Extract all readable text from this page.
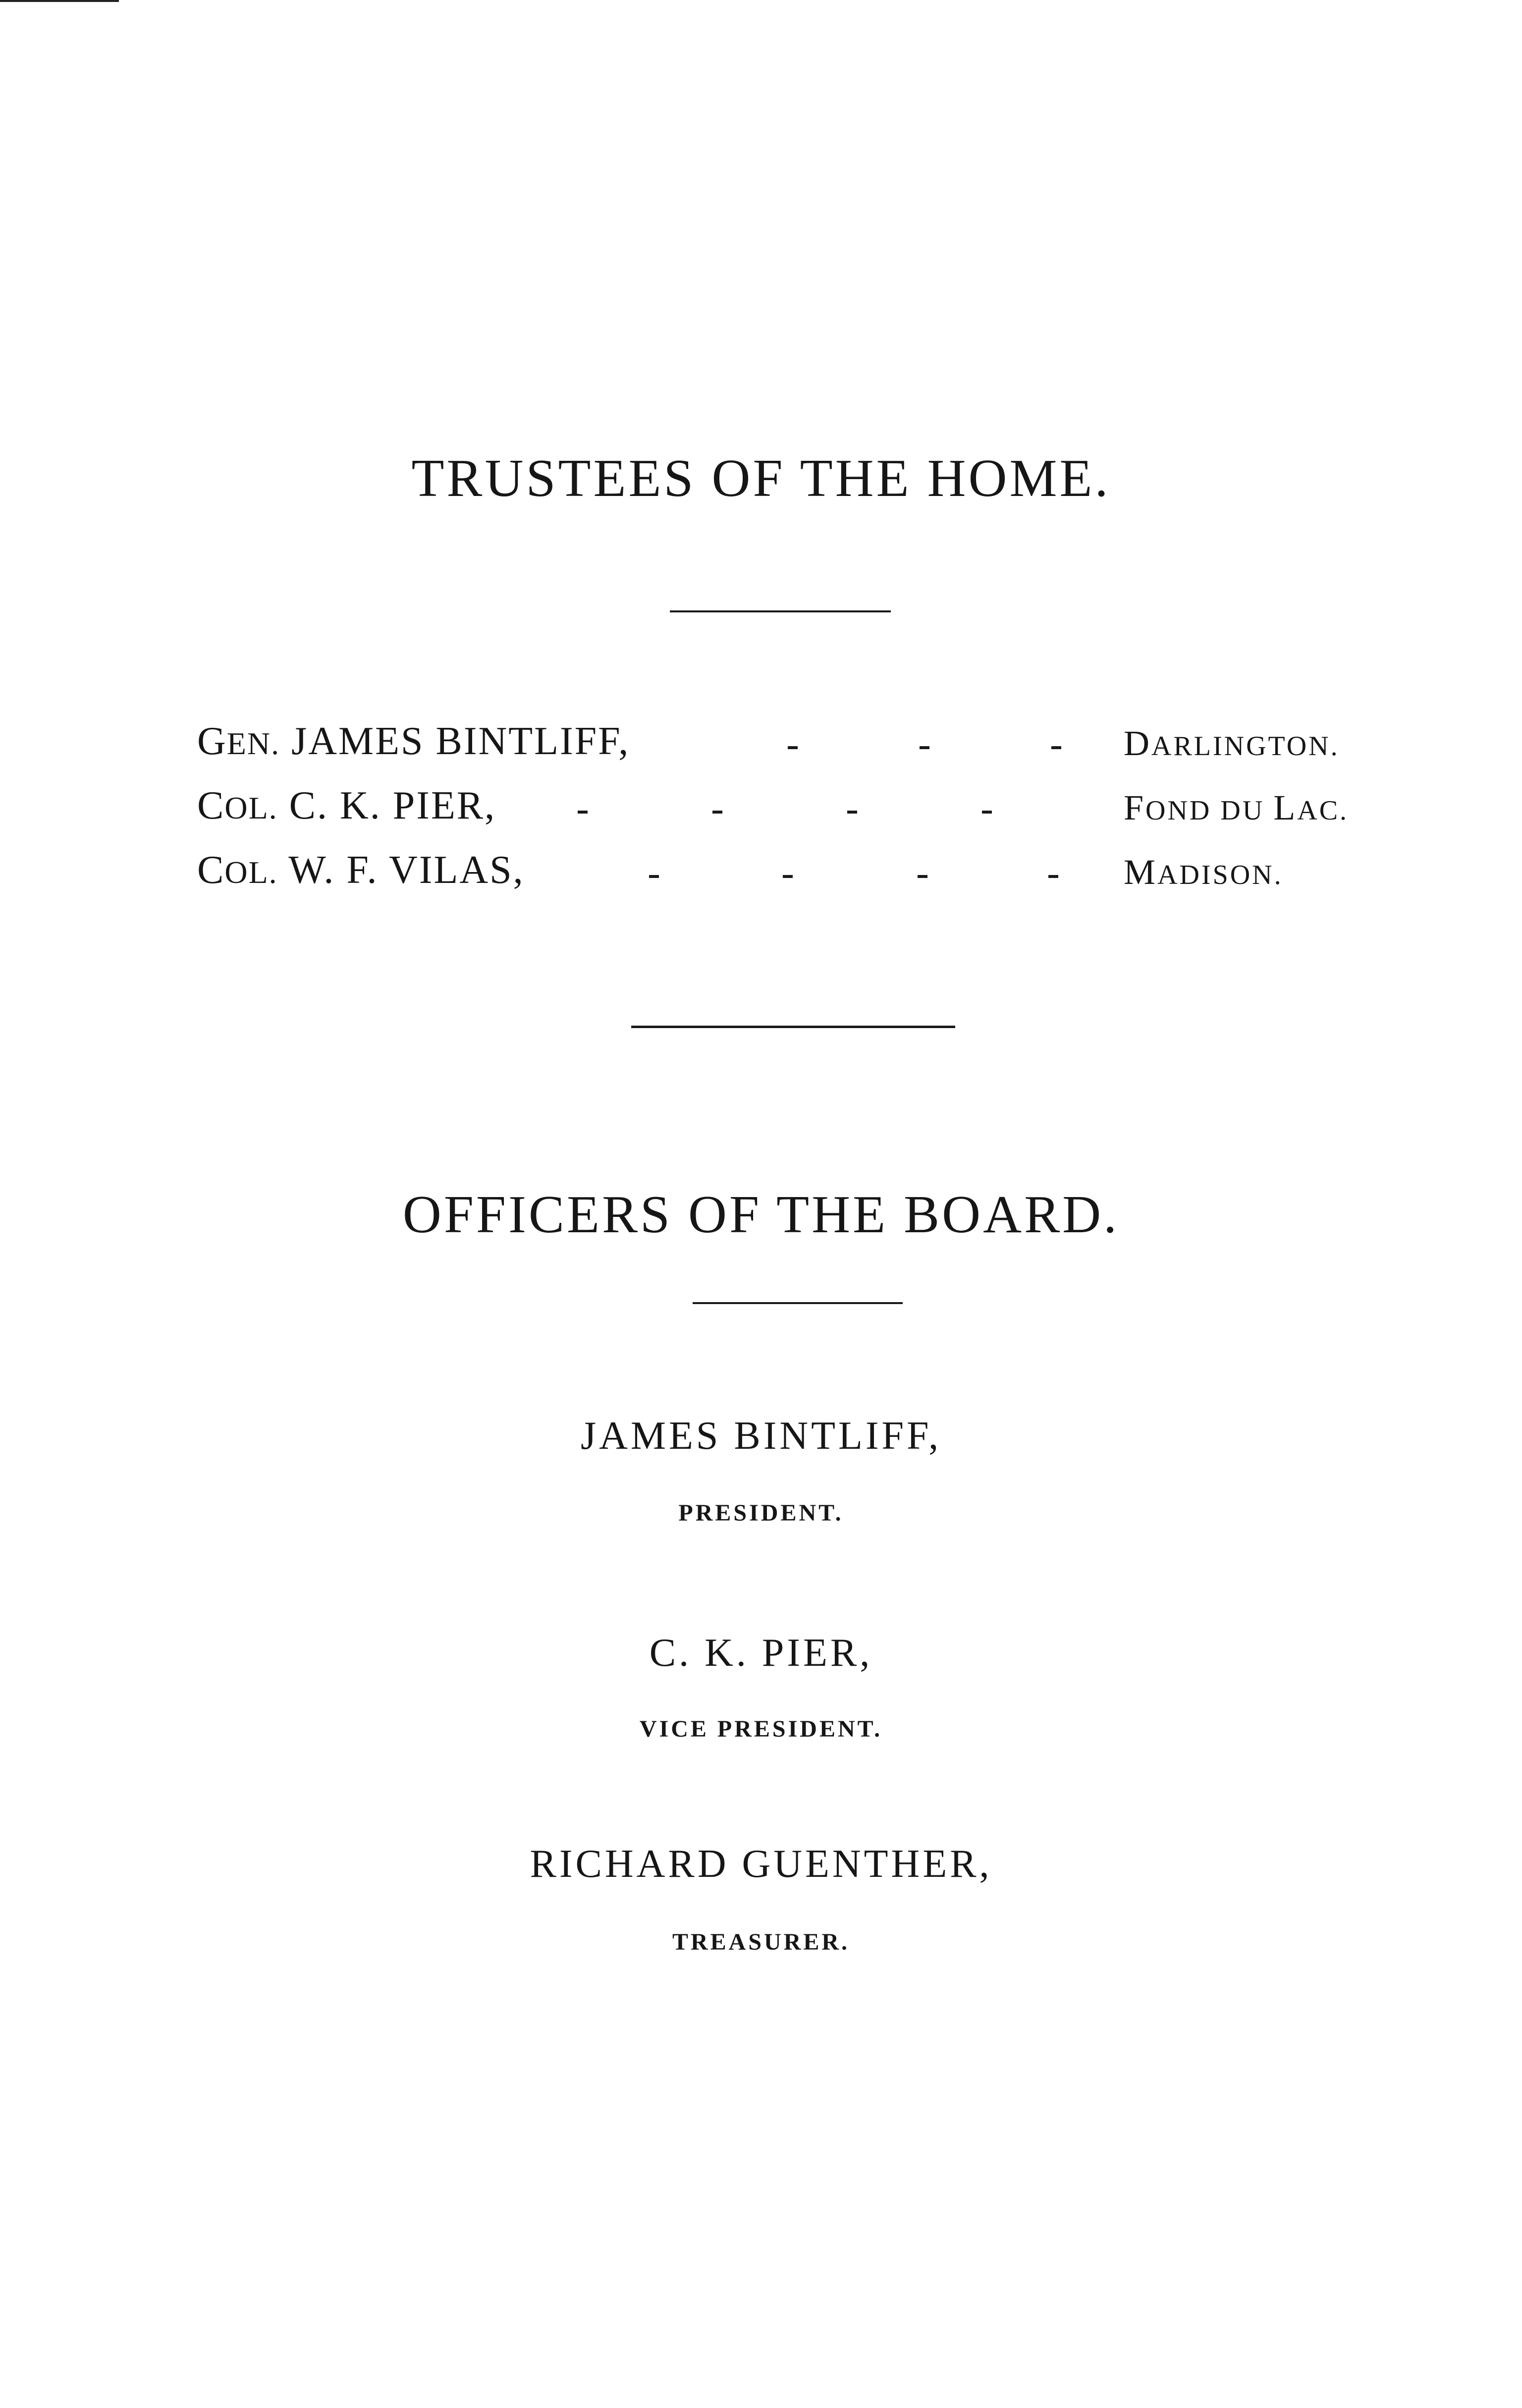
TRUSTEES OF THE HOME.
GEN. JAMES BINTLIFF,	DARLINGTON.
COL. C. K. PIER,	FOND DU LAC.
COL. W. F. VILAS,	MADISON.
OFFICERS OF THE BOARD.
JAMES BINTLIFF,
PRESIDENT.
C. K. PIER,
VICE PRESIDENT.
RICHARD GUENTHER,
TREASURER.
